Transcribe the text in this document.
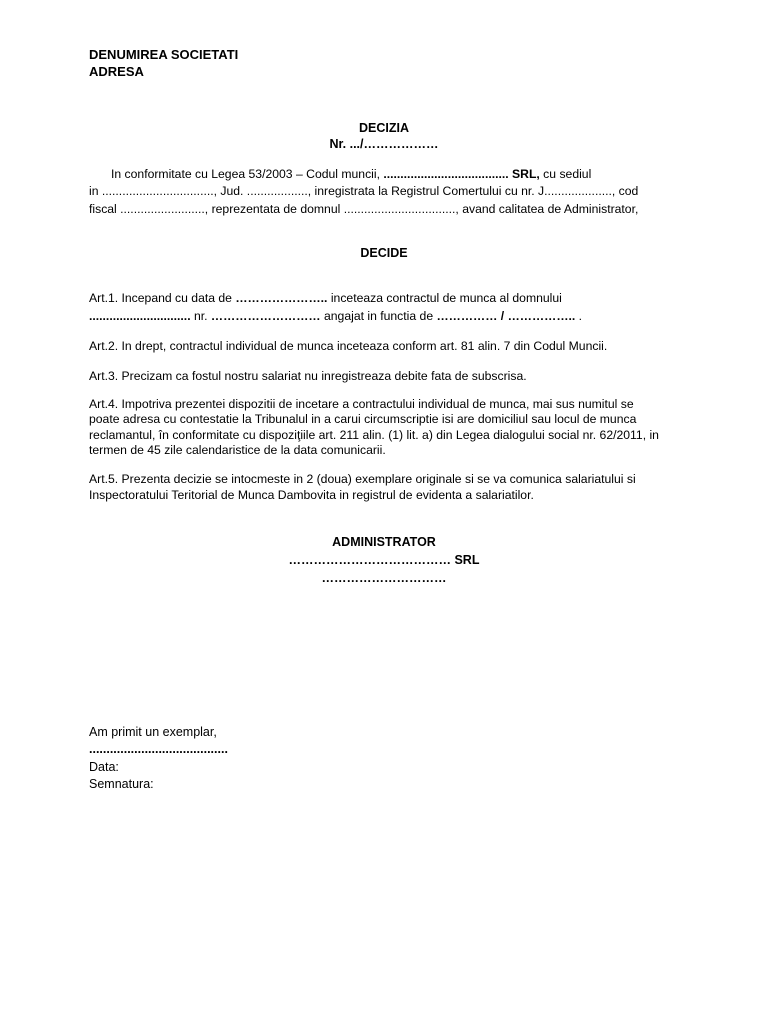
DENUMIREA SOCIETATI
ADRESA
DECIZIA
Nr. .../………………
In conformitate cu Legea 53/2003 – Codul muncii, ..................................... SRL, cu sediul
in ................................., Jud. .................., inregistrata la Registrul Comertului cu nr. J...................., cod
fiscal ........................., reprezentata de domnul ................................., avand calitatea de Administrator,
DECIDE
Art.1. Incepand cu data de ………………….. inceteaza contractul de munca al domnului
.............................. nr. ……………………… angajat in functia de …………… / …………….. .
Art.2. In drept, contractul individual de munca inceteaza conform art. 81 alin. 7 din Codul Muncii.
Art.3. Precizam ca fostul nostru salariat nu inregistreaza debite fata de subscrisa.
Art.4. Impotriva prezentei dispozitii de incetare a contractului individual de munca, mai sus numitul se
poate adresa cu contestatie la Tribunalul in a carui circumscriptie isi are domiciliul sau locul de munca
reclamantul, în conformitate cu dispoziţiile art. 211 alin. (1) lit. a) din Legea dialogului social nr. 62/2011, in
termen de 45 zile calendaristice de la data comunicarii.
Art.5. Prezenta decizie se intocmeste in 2 (doua) exemplare originale si se va comunica salariatului si
Inspectoratului Teritorial de Munca Dambovita in registrul de evidenta a salariatilor.
ADMINISTRATOR
………………………………… SRL
…………………………
Am primit un exemplar,
........................................
Data:
Semnatura:
